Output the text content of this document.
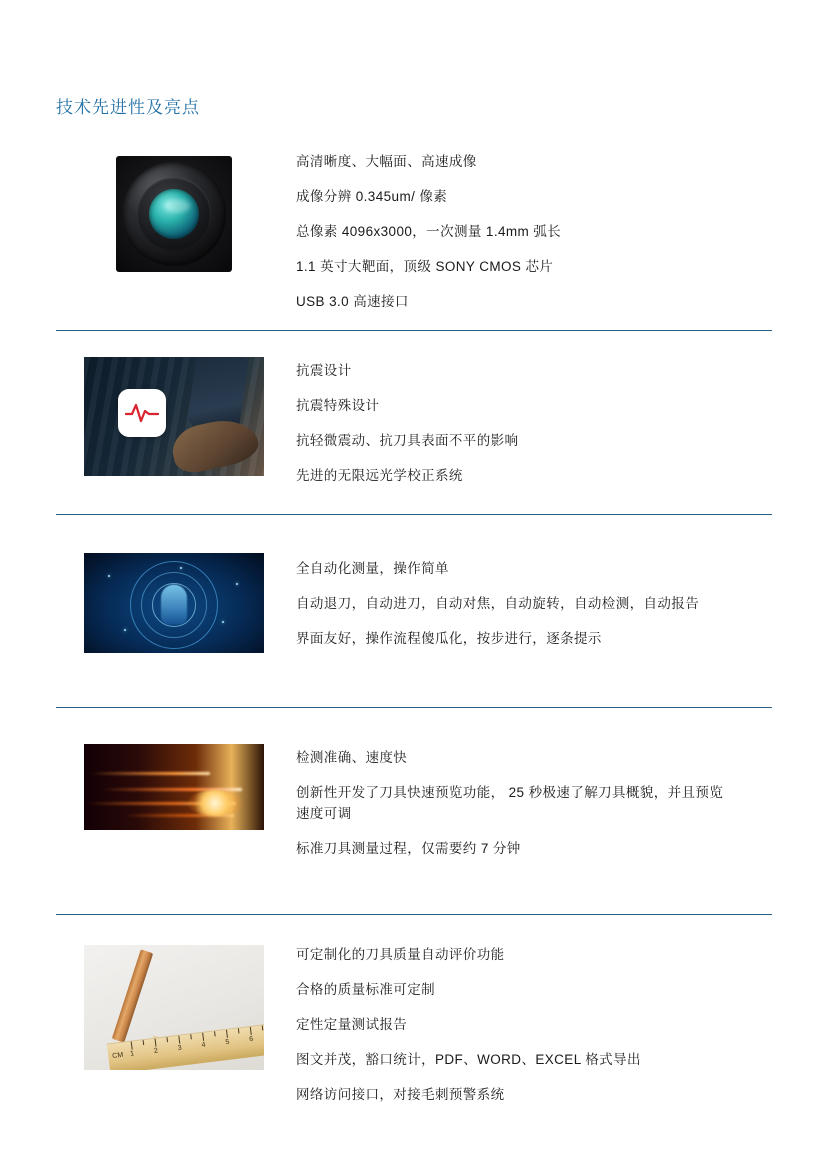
技术先进性及亮点

高清晰度、大幅面、高速成像

成像分辨 0.345um/ 像素

总像素 4096x3000，一次测量 1.4mm 弧长

1.1 英寸大靶面，顶级 SONY CMOS 芯片

USB 3.0 高速接口

抗震设计

抗震特殊设计

抗轻微震动、抗刀具表面不平的影响

先进的无限远光学校正系统

全自动化测量，操作简单

自动退刀，自动进刀，自动对焦，自动旋转，自动检测，自动报告

界面友好，操作流程傻瓜化，按步进行，逐条提示

检测准确、速度快

创新性开发了刀具快速预览功能， 25 秒极速了解刀具概貌，并且预览速度可调

标准刀具测量过程，仅需要约 7 分钟

CM 1	2	3	4	5	6

可定制化的刀具质量自动评价功能

合格的质量标准可定制

定性定量测试报告

图文并茂，豁口统计，PDF、WORD、EXCEL 格式导出

网络访问接口，对接毛刺预警系统
